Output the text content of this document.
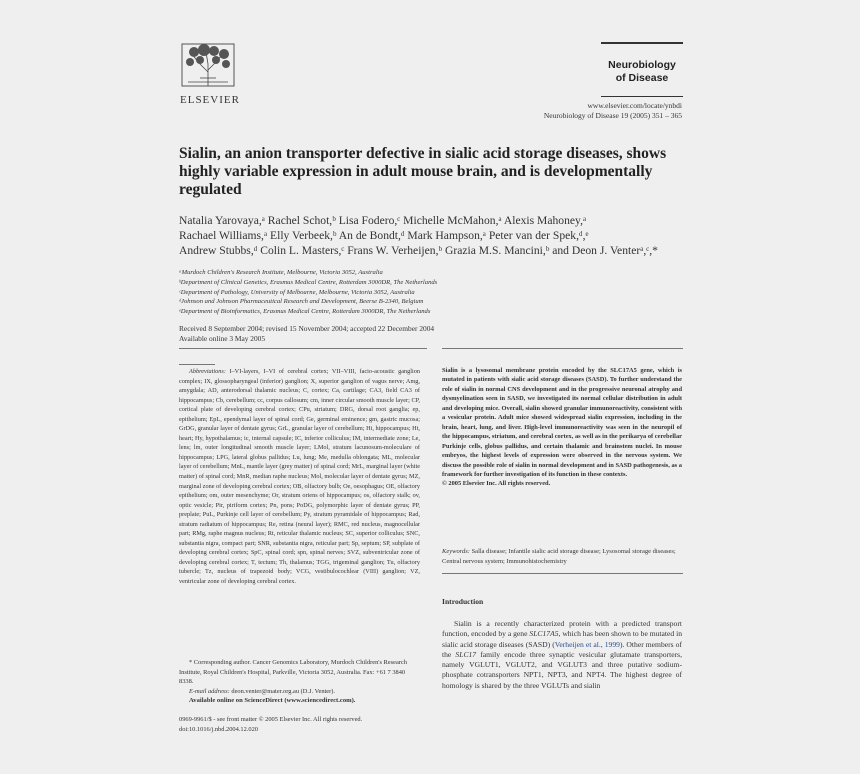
ELSEVIER
Neurobiology
of Disease
www.elsevier.com/locate/ynbdi
Neurobiology of Disease 19 (2005) 351 – 365
Sialin, an anion transporter defective in sialic acid storage diseases, shows highly variable expression in adult mouse brain, and is developmentally regulated
Natalia Yarovaya,ᵃ Rachel Schot,ᵇ Lisa Fodero,ᶜ Michelle McMahon,ᵃ Alexis Mahoney,ᵃ
Rachael Williams,ᵃ Elly Verbeek,ᵇ An de Bondt,ᵈ Mark Hampson,ᵃ Peter van der Spek,ᵈ,ᵉ
Andrew Stubbs,ᵈ Colin L. Masters,ᶜ Frans W. Verheijen,ᵇ Grazia M.S. Mancini,ᵇ and Deon J. Venterᵃ,ᶜ,*
ᵃMurdoch Children's Research Institute, Melbourne, Victoria 3052, Australia
ᵇDepartment of Clinical Genetics, Erasmus Medical Centre, Rotterdam 3000DR, The Netherlands
ᶜDepartment of Pathology, University of Melbourne, Melbourne, Victoria 3052, Australia
ᵈJohnson and Johnson Pharmaceutical Research and Development, Beerse B-2340, Belgium
ᵉDepartment of Bioinformatics, Erasmus Medical Centre, Rotterdam 3000DR, The Netherlands
Received 8 September 2004; revised 15 November 2004; accepted 22 December 2004
Available online 3 May 2005
Abbreviations: I–VI-layers, I–VI of cerebral cortex; VII–VIII, facio-acoustic ganglion complex; IX, glossopharyngeal (inferior) ganglion; X, superior ganglion of vagus nerve; Amg, amygdala; AD, anterodorsal thalamic nucleus; C, cortex; Ca, cartilage; CA3, field CA3 of hippocampus; Cb, cerebellum; cc, corpus callosum; cm, inner circular smooth muscle layer; CP, cortical plate of developing cerebral cortex; CPu, striatum; DRG, dorsal root ganglia; ep, epithelium; EpL, ependymal layer of spinal cord; Ge, germinal eminence; gm, gastric mucosa; GrDG, granular layer of dentate gyrus; GrL, granular layer of cerebellum; Hi, hippocampus; Ht, heart; Hy, hypothalamus; ic, internal capsule; IC, inferior colliculus; IM, intermediate zone; Le, lens; lm, outer longitudinal smooth muscle layer; LMol, stratum lacunosum-moleculare of hippocampus; LPG, lateral globus pallidus; Lu, lung; Me, medulla oblongata; ML, molecular layer of cerebellum; MnL, mantle layer (grey matter) of spinal cord; MrL, marginal layer (white matter) of spinal cord; MnR, median raphe nucleus; Mol, molecular layer of dentate gyrus; MZ, marginal zone of developing cerebral cortex; OB, olfactory bulb; Oe, oesophagus; OE, olfactory epithelium; om, outer mesenchyme; Or, stratum oriens of hippocampus; os, olfactory stalk; ov, optic vesicle; Pir, piriform cortex; Pn, pons; PoDG, polymorphic layer of dentate gyrus; PP, preplate; PuL, Purkinje cell layer of cerebellum; Py, stratum pyramidale of hippocampus; Rad, stratum radiatum of hippocampus; Re, retina (neural layer); RMC, red nucleus, magnocellular part; RMg, raphe magnus nucleus; Rt, reticular thalamic nucleus; SC, superior colliculus; SNC, substantia nigra, compact part; SNR, substantia nigra, reticular part; Sp, septum; SP, subplate of developing cerebral cortex; SpC, spinal cord; spn, spinal nerves; SVZ, subventricular zone of developing cerebral cortex; T, tectum; Th, thalamus; TGG, trigeminal ganglion; Tu, olfactory tubercle; Tz, nucleus of trapezoid body; VCG, vestibulocochlear (VIII) ganglion; VZ, ventricular zone of developing cerebral cortex.
* Corresponding author. Cancer Genomics Laboratory, Murdoch Children's Research Institute, Royal Children's Hospital, Parkville, Victoria 3052, Australia. Fax: +61 7 3840 8338.
E-mail address: deon.venter@mater.org.au (D.J. Venter).
Available online on ScienceDirect (www.sciencedirect.com).
0969-9961/$ - see front matter © 2005 Elsevier Inc. All rights reserved.
doi:10.1016/j.nbd.2004.12.020
Sialin is a lysosomal membrane protein encoded by the SLC17A5 gene, which is mutated in patients with sialic acid storage diseases (SASD). To further understand the role of sialin in normal CNS development and in the progressive neuronal atrophy and dysmyelination seen in SASD, we investigated its normal cellular distribution in adult and developing mice. Overall, sialin showed granular immunoreactivity, consistent with a vesicular protein. Adult mice showed widespread sialin expression, including in the brain, heart, lung, and liver. High-level immunoreactivity was seen in the neuropil of the hippocampus, striatum, and cerebral cortex, as well as in the perikarya of cerebellar Purkinje cells, globus pallidus, and certain thalamic and brainstem nuclei. In mouse embryos, the highest levels of expression were observed in the nervous system. We discuss the possible role of sialin in normal development and in SASD pathogenesis, as a framework for further investigation of its function in these contexts.
© 2005 Elsevier Inc. All rights reserved.
Keywords: Salla disease; Infantile sialic acid storage disease; Lysosomal storage diseases; Central nervous system; Immunohistochemistry
Introduction
Sialin is a recently characterized protein with a predicted transport function, encoded by a gene SLC17A5, which has been shown to be mutated in sialic acid storage diseases (SASD) (Verheijen et al., 1999). Other members of the SLC17 family encode three synaptic vesicular glutamate transporters, namely VGLUT1, VGLUT2, and VGLUT3 and three putative sodium-phosphate cotransporters NPT1, NPT3, and NPT4. The highest degree of homology is shared by the three VGLUTs and sialin
